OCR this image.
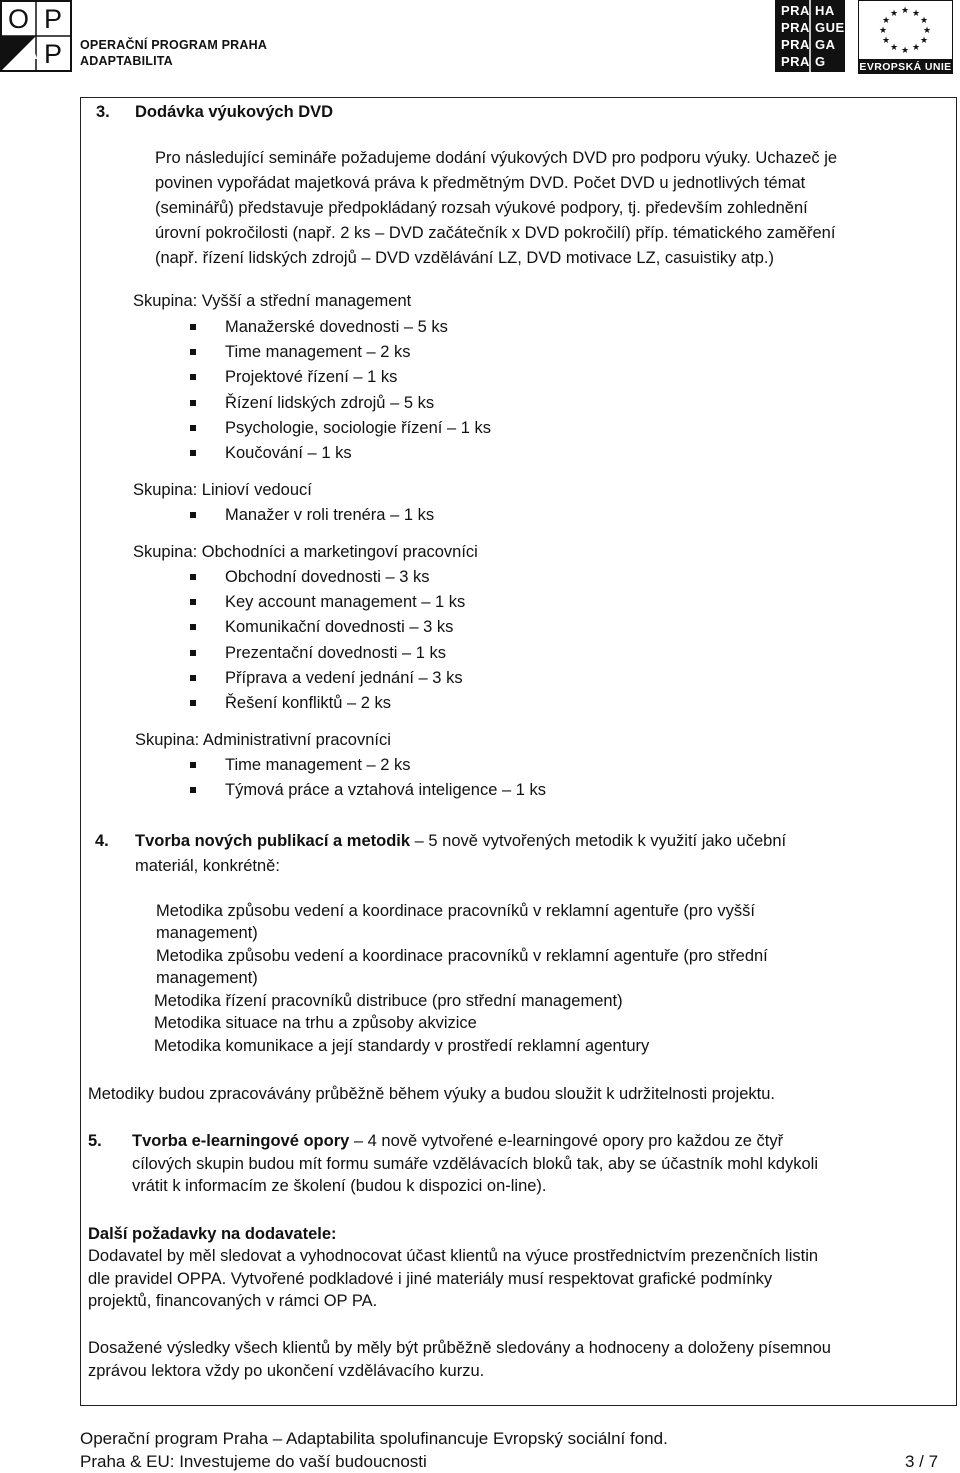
O P
P
A	OPERAČNÍ PROGRAM PRAHA
ADAPTABILITA
PRA HA
PRA GUE
PRA GA
PRA G
★ ★
★
★
★
★
★
★
★
★
★
★
EVROPSKÁ UNIE
3. Dodávka výukových DVD
Pro následující semináře požadujeme dodání výukových DVD pro podporu výuky. Uchazeč je
povinen vypořádat majetková práva k předmětným DVD. Počet DVD u jednotlivých témat
(seminářů) představuje předpokládaný rozsah výukové podpory, tj. především zohlednění
úrovní pokročilosti (např. 2 ks – DVD začátečník x DVD pokročilí) příp. tématického zaměření
(např. řízení lidských zdrojů – DVD vzdělávání LZ, DVD motivace LZ, casuistiky atp.)
Skupina: Vyšší a střední management
Manažerské dovednosti – 5 ks
Time management – 2 ks
Projektové řízení – 1 ks
Řízení lidských zdrojů – 5 ks
Psychologie, sociologie řízení – 1 ks
Koučování – 1 ks
Skupina: Linioví vedoucí
Manažer v roli trenéra – 1 ks
Skupina: Obchodníci a marketingoví pracovníci
Obchodní dovednosti – 3 ks
Key account management – 1 ks
Komunikační dovednosti – 3 ks
Prezentační dovednosti – 1 ks
Příprava a vedení jednání – 3 ks
Řešení konfliktů – 2 ks
Skupina: Administrativní pracovníci
Time management – 2 ks
Týmová práce a vztahová inteligence – 1 ks
4. Tvorba nových publikací a metodik – 5 nově vytvořených metodik k využití jako učební
materiál, konkrétně:
Metodika způsobu vedení a koordinace pracovníků v reklamní agentuře (pro vyšší
management)
Metodika způsobu vedení a koordinace pracovníků v reklamní agentuře (pro střední
management)
Metodika řízení pracovníků distribuce (pro střední management)
Metodika situace na trhu a způsoby akvizice
Metodika komunikace a její standardy v prostředí reklamní agentury
Metodiky budou zpracovávány průběžně během výuky a budou sloužit k udržitelnosti projektu.
5. Tvorba e-learningové opory – 4 nově vytvořené e-learningové opory pro každou ze čtyř
cílových skupin budou mít formu sumáře vzdělávacích bloků tak, aby se účastník mohl kdykoli
vrátit k informacím ze školení (budou k dispozici on-line).
Další požadavky na dodavatele:
Dodavatel by měl sledovat a vyhodnocovat účast klientů na výuce prostřednictvím prezenčních listin
dle pravidel OPPA. Vytvořené podkladové i jiné materiály musí respektovat grafické podmínky
projektů, financovaných v rámci OP PA.
Dosažené výsledky všech klientů by měly být průběžně sledovány a hodnoceny a doloženy písemnou
zprávou lektora vždy po ukončení vzdělávacího kurzu.
Operační program Praha – Adaptabilita spolufinancuje Evropský sociální fond.
Praha & EU: Investujeme do vaší budoucnosti	3 / 7
